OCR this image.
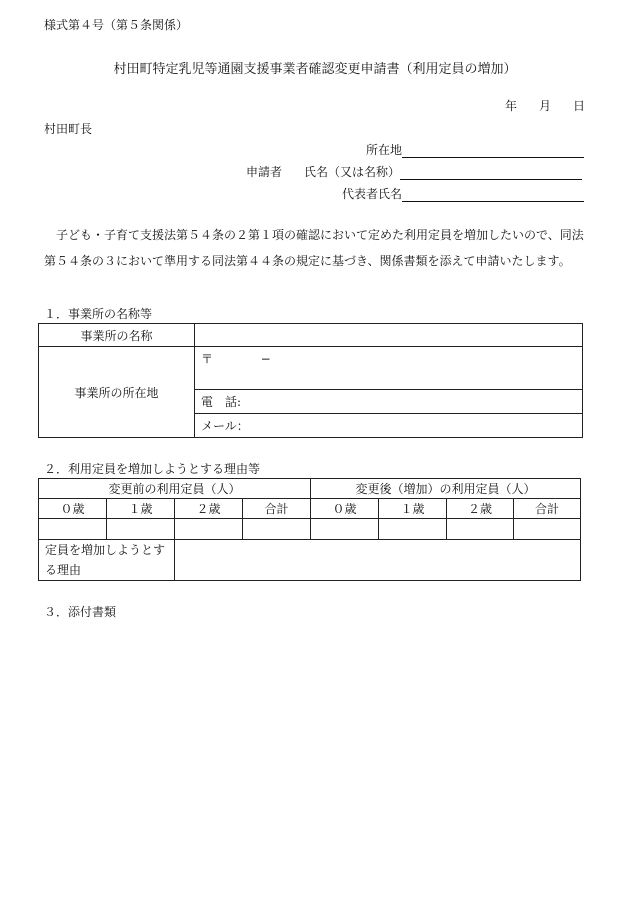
様式第４号（第５条関係）
村田町特定乳児等通園支援事業者確認変更申請書（利用定員の増加）
年 月 日
村田町長
所在地
申請者 氏名（又は名称）
代表者氏名
子ども・子育て支援法第５４条の２第１項の確認において定めた利用定員を増加したいので、同法第５４条の３において準用する同法第４４条の規定に基づき、関係書類を添えて申請いたします。
１．事業所の名称等
事業所の名称	
事業所の所在地	〒 −
	電　話:
	メール：
２．利用定員を増加しようとする理由等
変更前の利用定員（人）				変更後（増加）の利用定員（人）			
０歳	１歳	２歳	合計	０歳	１歳	２歳	合計

定員を増加しようとす
る理由							

３．添付書類
